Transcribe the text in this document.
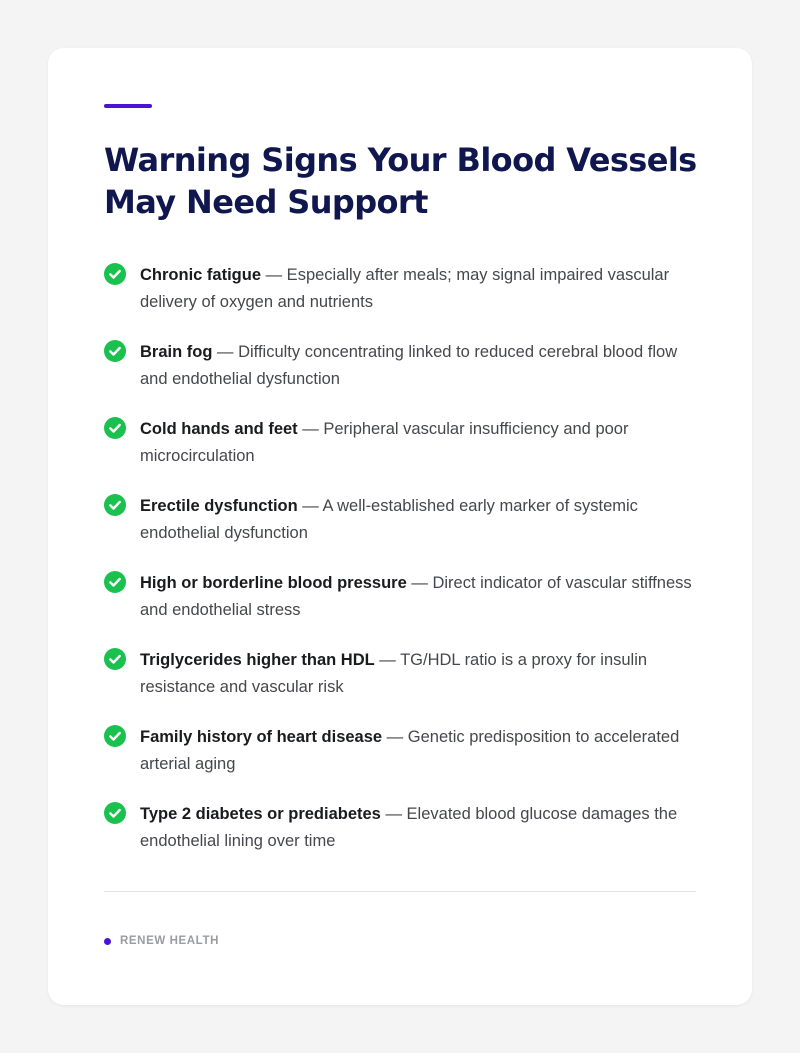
Warning Signs Your Blood Vessels May Need Support
Chronic fatigue — Especially after meals; may signal impaired vascular delivery of oxygen and nutrients
Brain fog — Difficulty concentrating linked to reduced cerebral blood flow and endothelial dysfunction
Cold hands and feet — Peripheral vascular insufficiency and poor microcirculation
Erectile dysfunction — A well-established early marker of systemic endothelial dysfunction
High or borderline blood pressure — Direct indicator of vascular stiffness and endothelial stress
Triglycerides higher than HDL — TG/HDL ratio is a proxy for insulin resistance and vascular risk
Family history of heart disease — Genetic predisposition to accelerated arterial aging
Type 2 diabetes or prediabetes — Elevated blood glucose damages the endothelial lining over time
RENEW HEALTH
